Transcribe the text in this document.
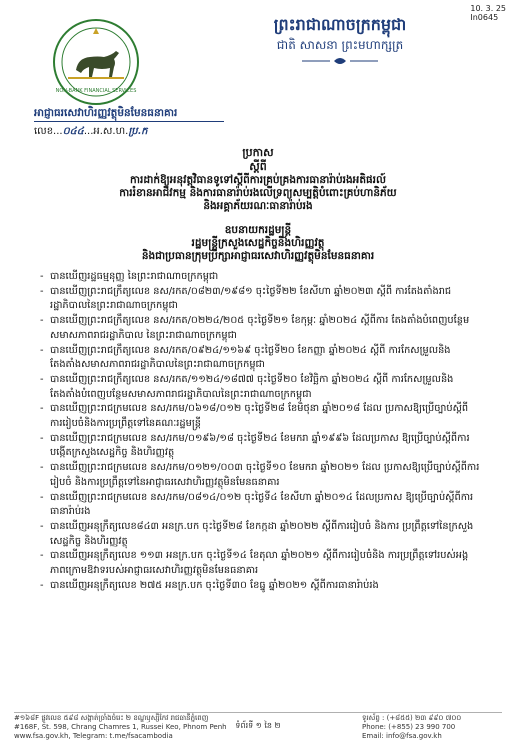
10. 3. 25
In0645
NON-BANK FINANCIAL SERVICES
ព្រះរាជាណាចក្រកម្ពុជា
ជាតិ សាសនា ព្រះមហាក្សត្រ
អាជ្ញាធរសេវាហិរញ្ញវត្ថុមិនមែនធនាគារ
លេខ...០៤៤...អ.ស.ហ.ប្រ.ក
ប្រកាស
ស្ដីពី
ការដាក់ឱ្យអនុវត្តវិធានទូទៅស្ដីពីការគ្រប់គ្រងការធានារ៉ាប់រងអតិផរល៍
ការរំខានអាជីវកម្ម និងការធានារ៉ាប់រងលើទ្រព្យសម្បត្តិបំពោះគ្រប់ហានិភ័យ
និងអគ្គាភ័យរណៈធានារ៉ាប់រង
ឧបនាយករដ្ឋមន្ត្រី
រដ្ឋមន្ត្រីក្រសួងសេដ្ឋកិច្ចនិងហិរញ្ញវត្ថុ
និងជាប្រធានក្រុមប្រឹក្សាអាជ្ញាធរសេវាហិរញ្ញវត្ថុមិនមែនធនាគារ
- បានឃើញរដ្ឋធម្មនុញ្ញ នៃព្រះរាជាណាចក្រកម្ពុជា
- បានឃើញព្រះរាជក្រឹត្យលេខ នស/រកត/០៨២៣/១៩៨១ ចុះថ្ងៃទី២២ ខែសីហា ឆ្នាំ២០២៣ ស្ដីពី ការតែងតាំងរាជរដ្ឋាភិបាលនៃព្រះរាជាណាចក្រកម្ពុជា
- បានឃើញព្រះរាជក្រឹត្យលេខ នស/រកត/០២២៤/២០៥ ចុះថ្ងៃទី២១ ខែកុម្ភៈ ឆ្នាំ២០២៤ ស្ដីពីការ តែងតាំងបំពេញបន្ថែមសមាសភាពរាជរដ្ឋាភិបាល នៃព្រះរាជាណាចក្រកម្ពុជា
- បានឃើញព្រះរាជក្រឹត្យលេខ នស/រកត/០៩២៤/១១៦៩ ចុះថ្ងៃទី២០ ខែកញ្ញា ឆ្នាំ២០២៤ ស្ដីពី ការកែសម្រួលនិងតែងតាំងសមាសភាពរាជរដ្ឋាភិបាលនៃព្រះរាជាណាចក្រកម្ពុជា
- បានឃើញព្រះរាជក្រឹត្យលេខ នស/រកត/១១២៤/១៨៧៧ ចុះថ្ងៃទី២០ ខែវិច្ឆិកា ឆ្នាំ២០២៤ ស្ដីពី ការកែសម្រួលនិងតែងតាំងបំពេញបន្ថែមសមាសភាពរាជរដ្ឋាភិបាលនៃព្រះរាជាណាចក្រកម្ពុជា
- បានឃើញព្រះរាជក្រមលេខ នស/រកម/០៦១៨/០១២ ចុះថ្ងៃទី២៨ ខែមិថុនា ឆ្នាំ២០១៨ ដែល ប្រកាសឱ្យប្រើច្បាប់ស្ដីពីការរៀបចំនិងការប្រព្រឹត្តទៅនៃគណៈរដ្ឋមន្ត្រី
- បានឃើញព្រះរាជក្រមលេខ នស/រកម/០១៩៦/១៨ ចុះថ្ងៃទី២៤ ខែមករា ឆ្នាំ១៩៩៦ ដែលប្រកាស ឱ្យប្រើច្បាប់ស្ដីពីការបង្កើតក្រសួងសេដ្ឋកិច្ច និងហិរញ្ញវត្ថុ
- បានឃើញព្រះរាជក្រមលេខ នស/រកម/០១២១/០០៣ ចុះថ្ងៃទី១០ ខែមករា ឆ្នាំ២០២១ ដែល ប្រកាសឱ្យប្រើច្បាប់ស្ដីពីការរៀបចំ និងការប្រព្រឹត្តទៅនៃអាជ្ញាធរសេវាហិរញ្ញវត្ថុមិនមែនធនាគារ
- បានឃើញព្រះរាជក្រមលេខ នស/រកម/០៨១៤/០១២ ចុះថ្ងៃទី៤ ខែសីហា ឆ្នាំ២០១៤ ដែលប្រកាស ឱ្យប្រើច្បាប់ស្ដីពីការធានារ៉ាប់រង
- បានឃើញអនុក្រឹត្យលេខ៨៤៣ អនក្រ.បក ចុះថ្ងៃទី២៨ ខែកក្កដា ឆ្នាំ២០២២ ស្ដីពីការរៀបចំ និងការ ប្រព្រឹត្តទៅនៃក្រសួងសេដ្ឋកិច្ច និងហិរញ្ញវត្ថុ
- បានឃើញអនុក្រឹត្យលេខ ១១៣ អនក្រ.បក ចុះថ្ងៃទី១៤ ខែតុលា ឆ្នាំ២០២១ ស្ដីពីការរៀបចំនិង ការប្រព្រឹត្តទៅរបស់អង្គភាពក្រោមឱវាទរបស់អាជ្ញាធរសេវាហិរញ្ញវត្ថុមិនមែនធនាគារ
- បានឃើញអនុក្រឹត្យលេខ ២៧៥ អនក្រ.បក ចុះថ្ងៃទី៣០ ខែធ្នូ ឆ្នាំ២០២១ ស្ដីពីការធានារ៉ាប់រង
#១៦៨F ផ្លូវលេខ ៥៩៨ សង្កាត់ច្រាំងចំរេះ ២ ខណ្ឌឫស្សីកែវ រាជធានីភ្នំពេញ
#168F, St. 598, Chrang Chamres 1, Russei Keo, Phnom Penh
www.fsa.gov.kh, Telegram: t.me/fsacambodia
ទូរស័ព្ទ : (+៨៥៥) ២៣ ៩៩០ ៧០០
Phone: (+855) 23 990 700
Email: info@fsa.gov.kh
ទំព័រទី ១ នៃ ២
